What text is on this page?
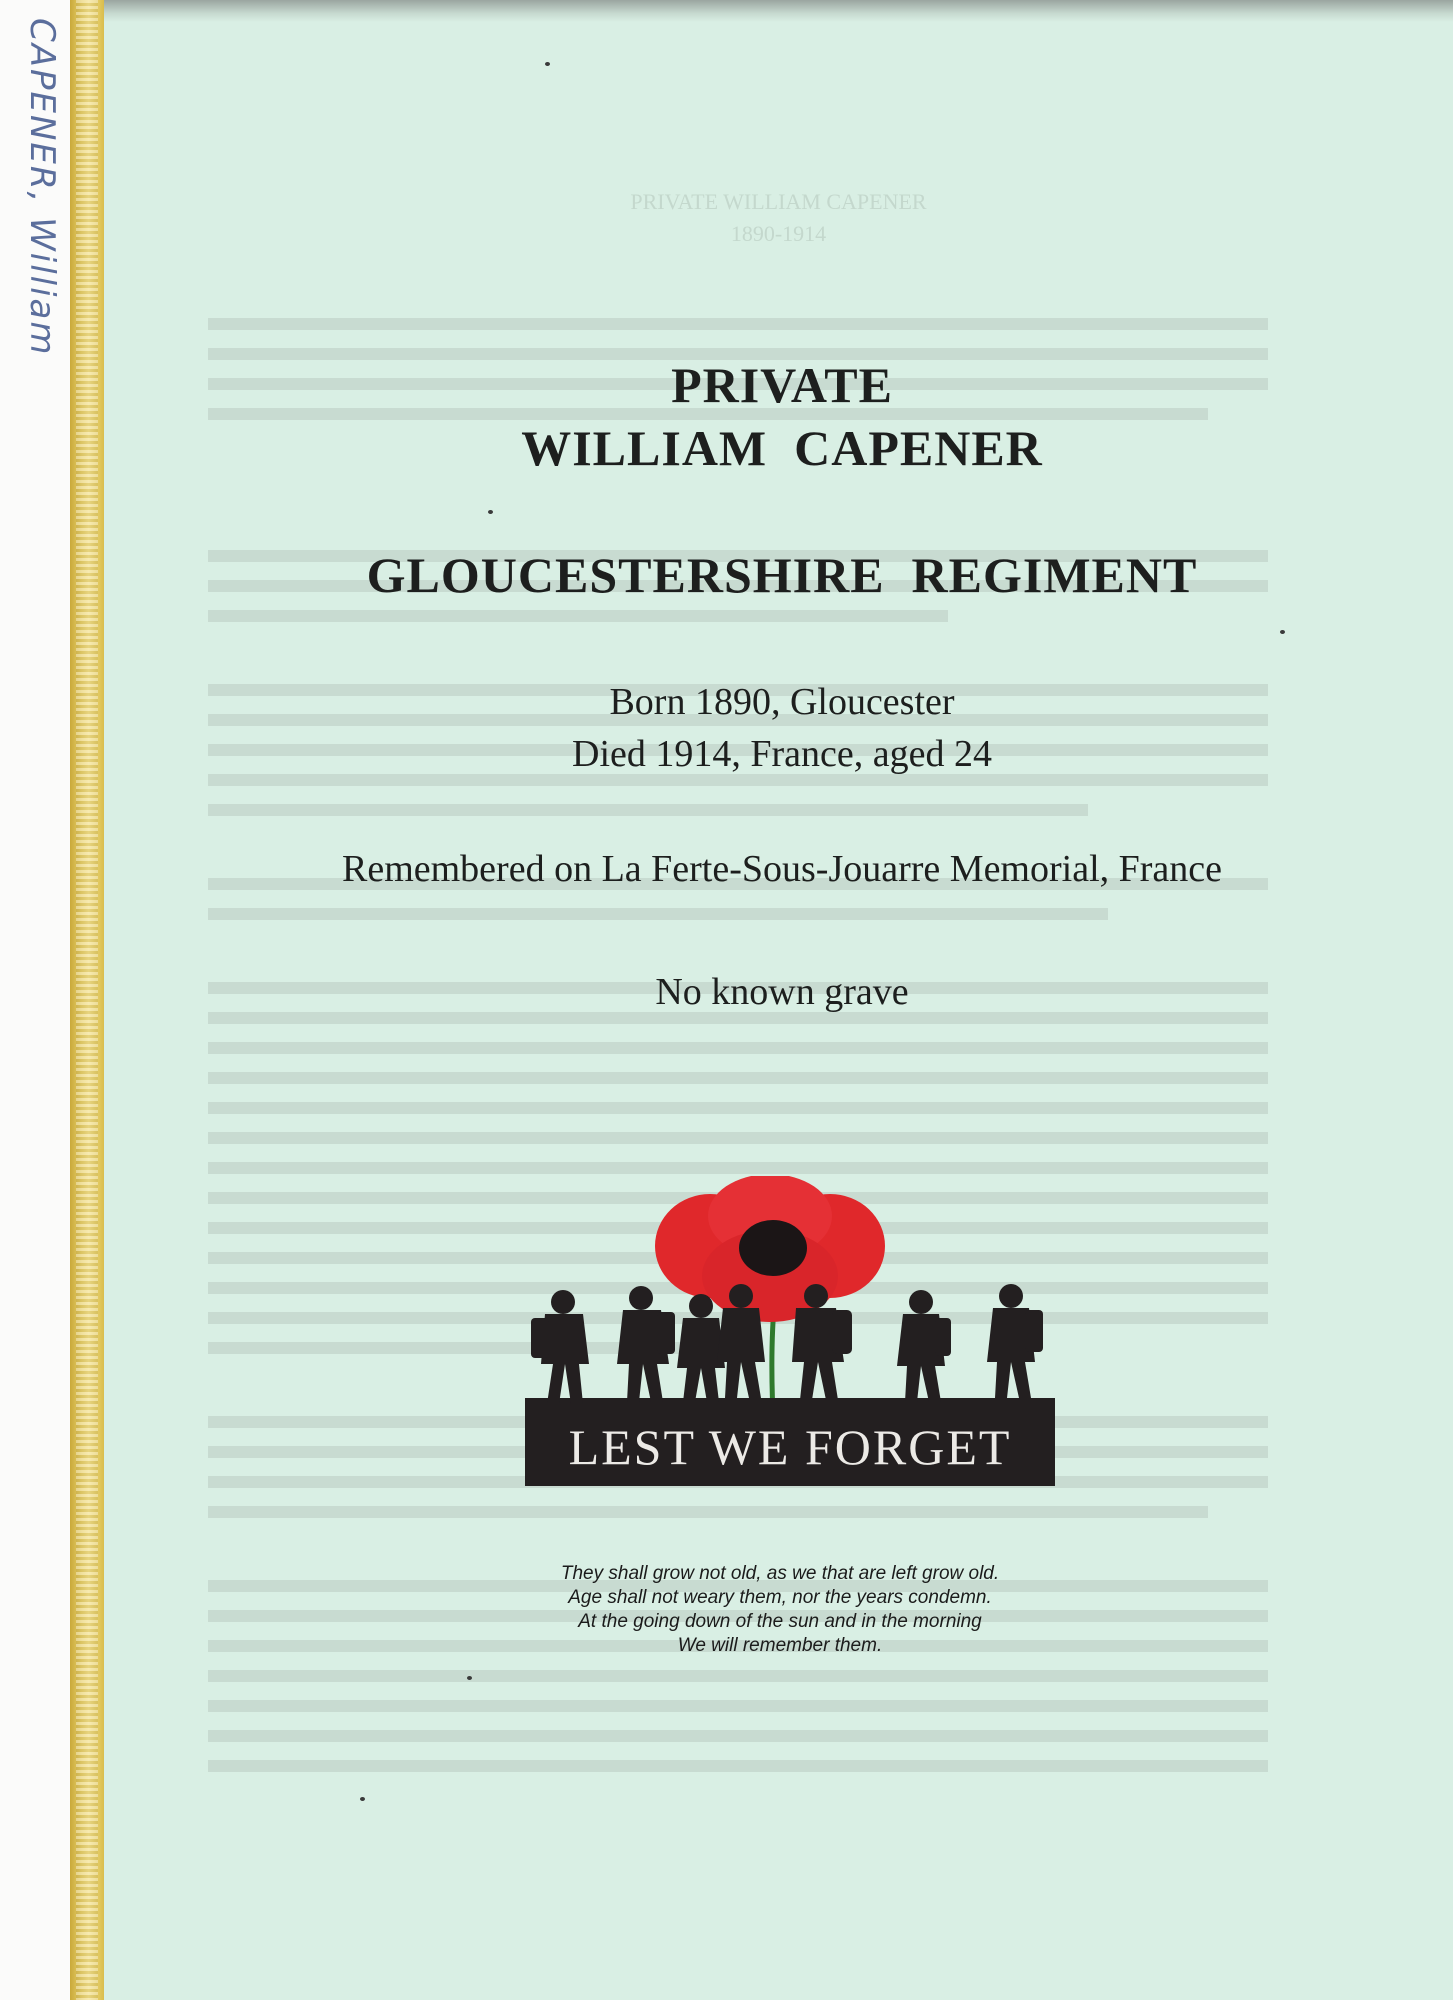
CAPENER, William	PRIVATE WILLIAM CAPENER
1890-1914
PRIVATE
WILLIAM  CAPENER
GLOUCESTERSHIRE  REGIMENT
Born 1890, Gloucester
Died 1914, France, aged 24
Remembered on La Ferte-Sous-Jouarre Memorial, France
No known grave
LEST WE FORGET
They shall grow not old, as we that are left grow old.
Age shall not weary them, nor the years condemn.
At the going down of the sun and in the morning
We will remember them.
